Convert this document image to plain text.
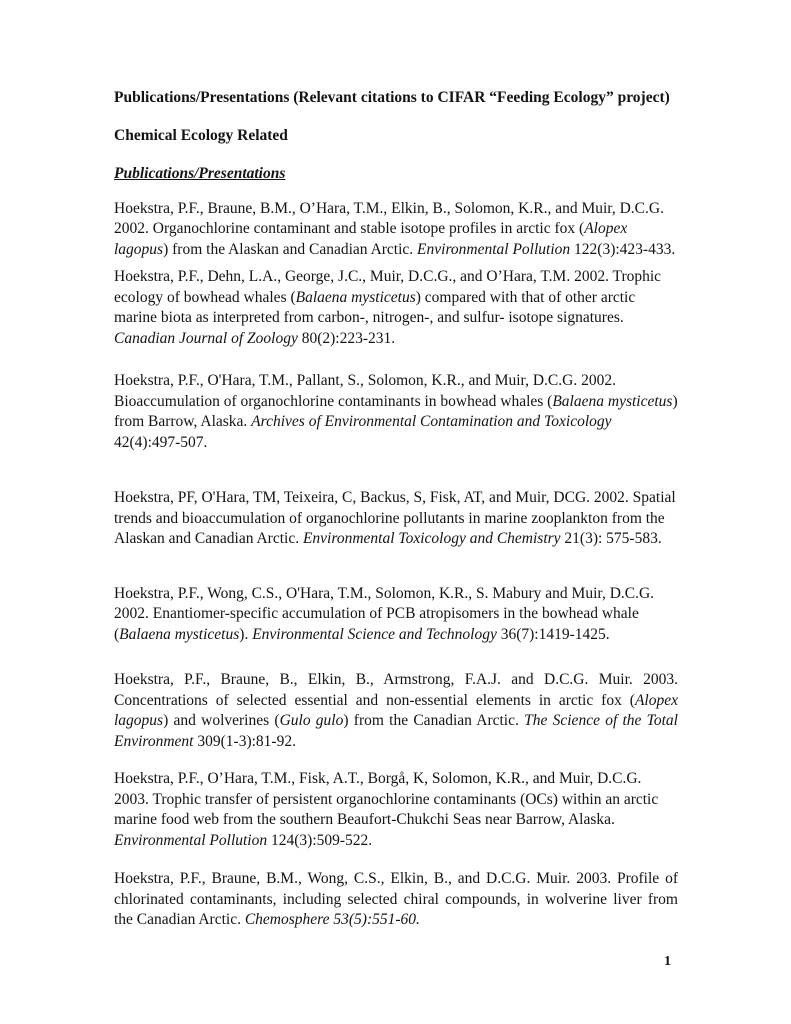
Publications/Presentations (Relevant citations to CIFAR “Feeding Ecology” project)

Chemical Ecology Related

Publications/Presentations

Hoekstra, P.F., Braune, B.M., O’Hara, T.M., Elkin, B., Solomon, K.R., and Muir, D.C.G. 2002. Organochlorine contaminant and stable isotope profiles in arctic fox (Alopex lagopus) from the Alaskan and Canadian Arctic. Environmental Pollution 122(3):423-433.

Hoekstra, P.F., Dehn, L.A., George, J.C., Muir, D.C.G., and O’Hara, T.M. 2002. Trophic ecology of bowhead whales (Balaena mysticetus) compared with that of other arctic marine biota as interpreted from carbon-, nitrogen-, and sulfur- isotope signatures. Canadian Journal of Zoology 80(2):223-231.

Hoekstra, P.F., O'Hara, T.M., Pallant, S., Solomon, K.R., and Muir, D.C.G. 2002. Bioaccumulation of organochlorine contaminants in bowhead whales (Balaena mysticetus) from Barrow, Alaska. Archives of Environmental Contamination and Toxicology 42(4):497-507.

Hoekstra, PF, O'Hara, TM, Teixeira, C, Backus, S, Fisk, AT, and Muir, DCG. 2002. Spatial trends and bioaccumulation of organochlorine pollutants in marine zooplankton from the Alaskan and Canadian Arctic. Environmental Toxicology and Chemistry 21(3): 575-583.

Hoekstra, P.F., Wong, C.S., O'Hara, T.M., Solomon, K.R., S. Mabury and Muir, D.C.G. 2002. Enantiomer-specific accumulation of PCB atropisomers in the bowhead whale (Balaena mysticetus). Environmental Science and Technology 36(7):1419-1425.

Hoekstra, P.F., Braune, B., Elkin, B., Armstrong, F.A.J. and D.C.G. Muir. 2003. Concentrations of selected essential and non-essential elements in arctic fox (Alopex lagopus) and wolverines (Gulo gulo) from the Canadian Arctic. The Science of the Total Environment 309(1-3):81-92.

Hoekstra, P.F., O’Hara, T.M., Fisk, A.T., Borgå, K, Solomon, K.R., and Muir, D.C.G. 2003. Trophic transfer of persistent organochlorine contaminants (OCs) within an arctic marine food web from the southern Beaufort-Chukchi Seas near Barrow, Alaska. Environmental Pollution 124(3):509-522.

Hoekstra, P.F., Braune, B.M., Wong, C.S., Elkin, B., and D.C.G. Muir. 2003. Profile of chlorinated contaminants, including selected chiral compounds, in wolverine liver from the Canadian Arctic. Chemosphere 53(5):551-60.

1
